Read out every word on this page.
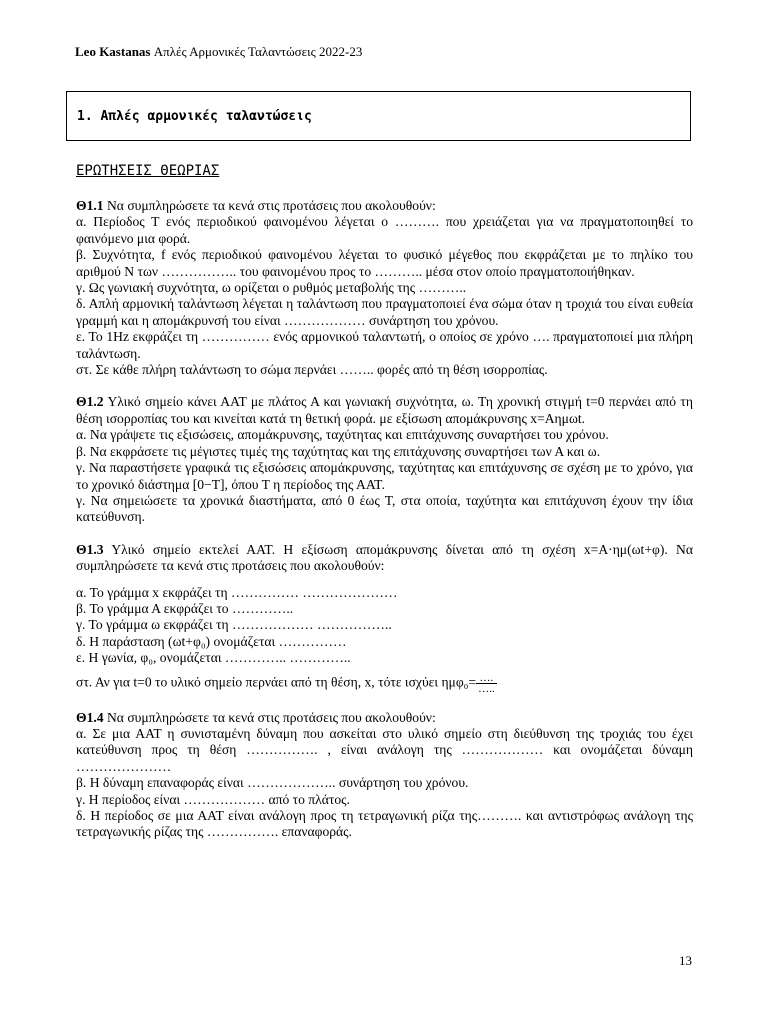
Leo Kastanas Απλές Αρμονικές Ταλαντώσεις 2022-23
1. Απλές αρμονικές ταλαντώσεις
ΕΡΩΤΗΣΕΙΣ ΘΕΩΡΙΑΣ

Θ1.1 Να συμπληρώσετε τα κενά στις προτάσεις που ακολουθούν:

α. Περίοδος Τ ενός περιοδικού φαινομένου λέγεται ο ………. που χρειάζεται για να πραγματοποιηθεί το φαινόμενο μια φορά.

β. Συχνότητα, f ενός περιοδικού φαινομένου λέγεται το φυσικό μέγεθος που εκφράζεται με το πηλίκο του αριθμού Ν των …………….. του φαινομένου προς το ……….. μέσα στον οποίο πραγματοποιήθηκαν.

γ. Ως γωνιακή συχνότητα, ω ορίζεται ο ρυθμός μεταβολής της ………..

δ. Απλή αρμονική ταλάντωση λέγεται η ταλάντωση που πραγματοποιεί ένα σώμα όταν η τροχιά του είναι ευθεία γραμμή και η απομάκρυνσή του είναι ……………… συνάρτηση του χρόνου.

ε. Το 1Hz εκφράζει τη …………… ενός αρμονικού ταλαντωτή, ο οποίος σε χρόνο …. πραγματοποιεί μια πλήρη ταλάντωση.

στ. Σε κάθε πλήρη ταλάντωση το σώμα περνάει …….. φορές από τη θέση ισορροπίας.

Θ1.2 Υλικό σημείο κάνει ΑΑΤ με πλάτος Α και γωνιακή συχνότητα, ω. Τη χρονική στιγμή t=0 περνάει από τη θέση ισορροπίας του και κινείται κατά τη θετική φορά. με εξίσωση απομάκρυνσης x=Aημωt.

α. Να γράψετε τις εξισώσεις, απομάκρυνσης, ταχύτητας και επιτάχυνσης συναρτήσει του χρόνου.

β. Να εκφράσετε τις μέγιστες τιμές της ταχύτητας και της επιτάχυνσης συναρτήσει των Α και ω.

γ. Να παραστήσετε γραφικά τις εξισώσεις απομάκρυνσης, ταχύτητας και επιτάχυνσης σε σχέση με το χρόνο, για το χρονικό διάστημα [0−Τ], όπου Τ η περίοδος της ΑΑΤ.

γ. Να σημειώσετε τα χρονικά διαστήματα, από 0 έως Τ, στα οποία, ταχύτητα και επιτάχυνση έχουν την ίδια κατεύθυνση.

Θ1.3 Υλικό σημείο εκτελεί ΑΑΤ. Η εξίσωση απομάκρυνσης δίνεται από τη σχέση x=A·ημ(ωt+φ). Να συμπληρώσετε τα κενά στις προτάσεις που ακολουθούν:

α. Το γράμμα x εκφράζει τη …………… …………………

β. Το γράμμα Α εκφράζει το …………..

γ. Το γράμμα ω εκφράζει τη ……………… ……………..

δ. Η παράσταση (ωt+φ₀) ονομάζεται ……………

ε. Η γωνία, φ₀, ονομάζεται ………….. …………..

στ. Αν για t=0 το υλικό σημείο περνάει από τη θέση, x, τότε ισχύει $\eta\mu\varphi_0= \frac{\dots.}{\dots..}$

Θ1.4 Να συμπληρώσετε τα κενά στις προτάσεις που ακολουθούν:

α. Σε μια ΑΑΤ η συνισταμένη δύναμη που ασκείται στο υλικό σημείο στη διεύθυνση της τροχιάς του έχει κατεύθυνση προς τη θέση ……………. , είναι ανάλογη της ……………… και ονομάζεται δύναμη …………………

β. Η δύναμη επαναφοράς είναι ……………….. συνάρτηση του χρόνου.

γ. Η περίοδος είναι ……………… από το πλάτος.

δ. Η περίοδος σε μια ΑΑΤ είναι ανάλογη προς τη τετραγωνική ρίζα της………. και αντιστρόφως ανάλογη της τετραγωνικής ρίζας της ……………. επαναφοράς.

13
